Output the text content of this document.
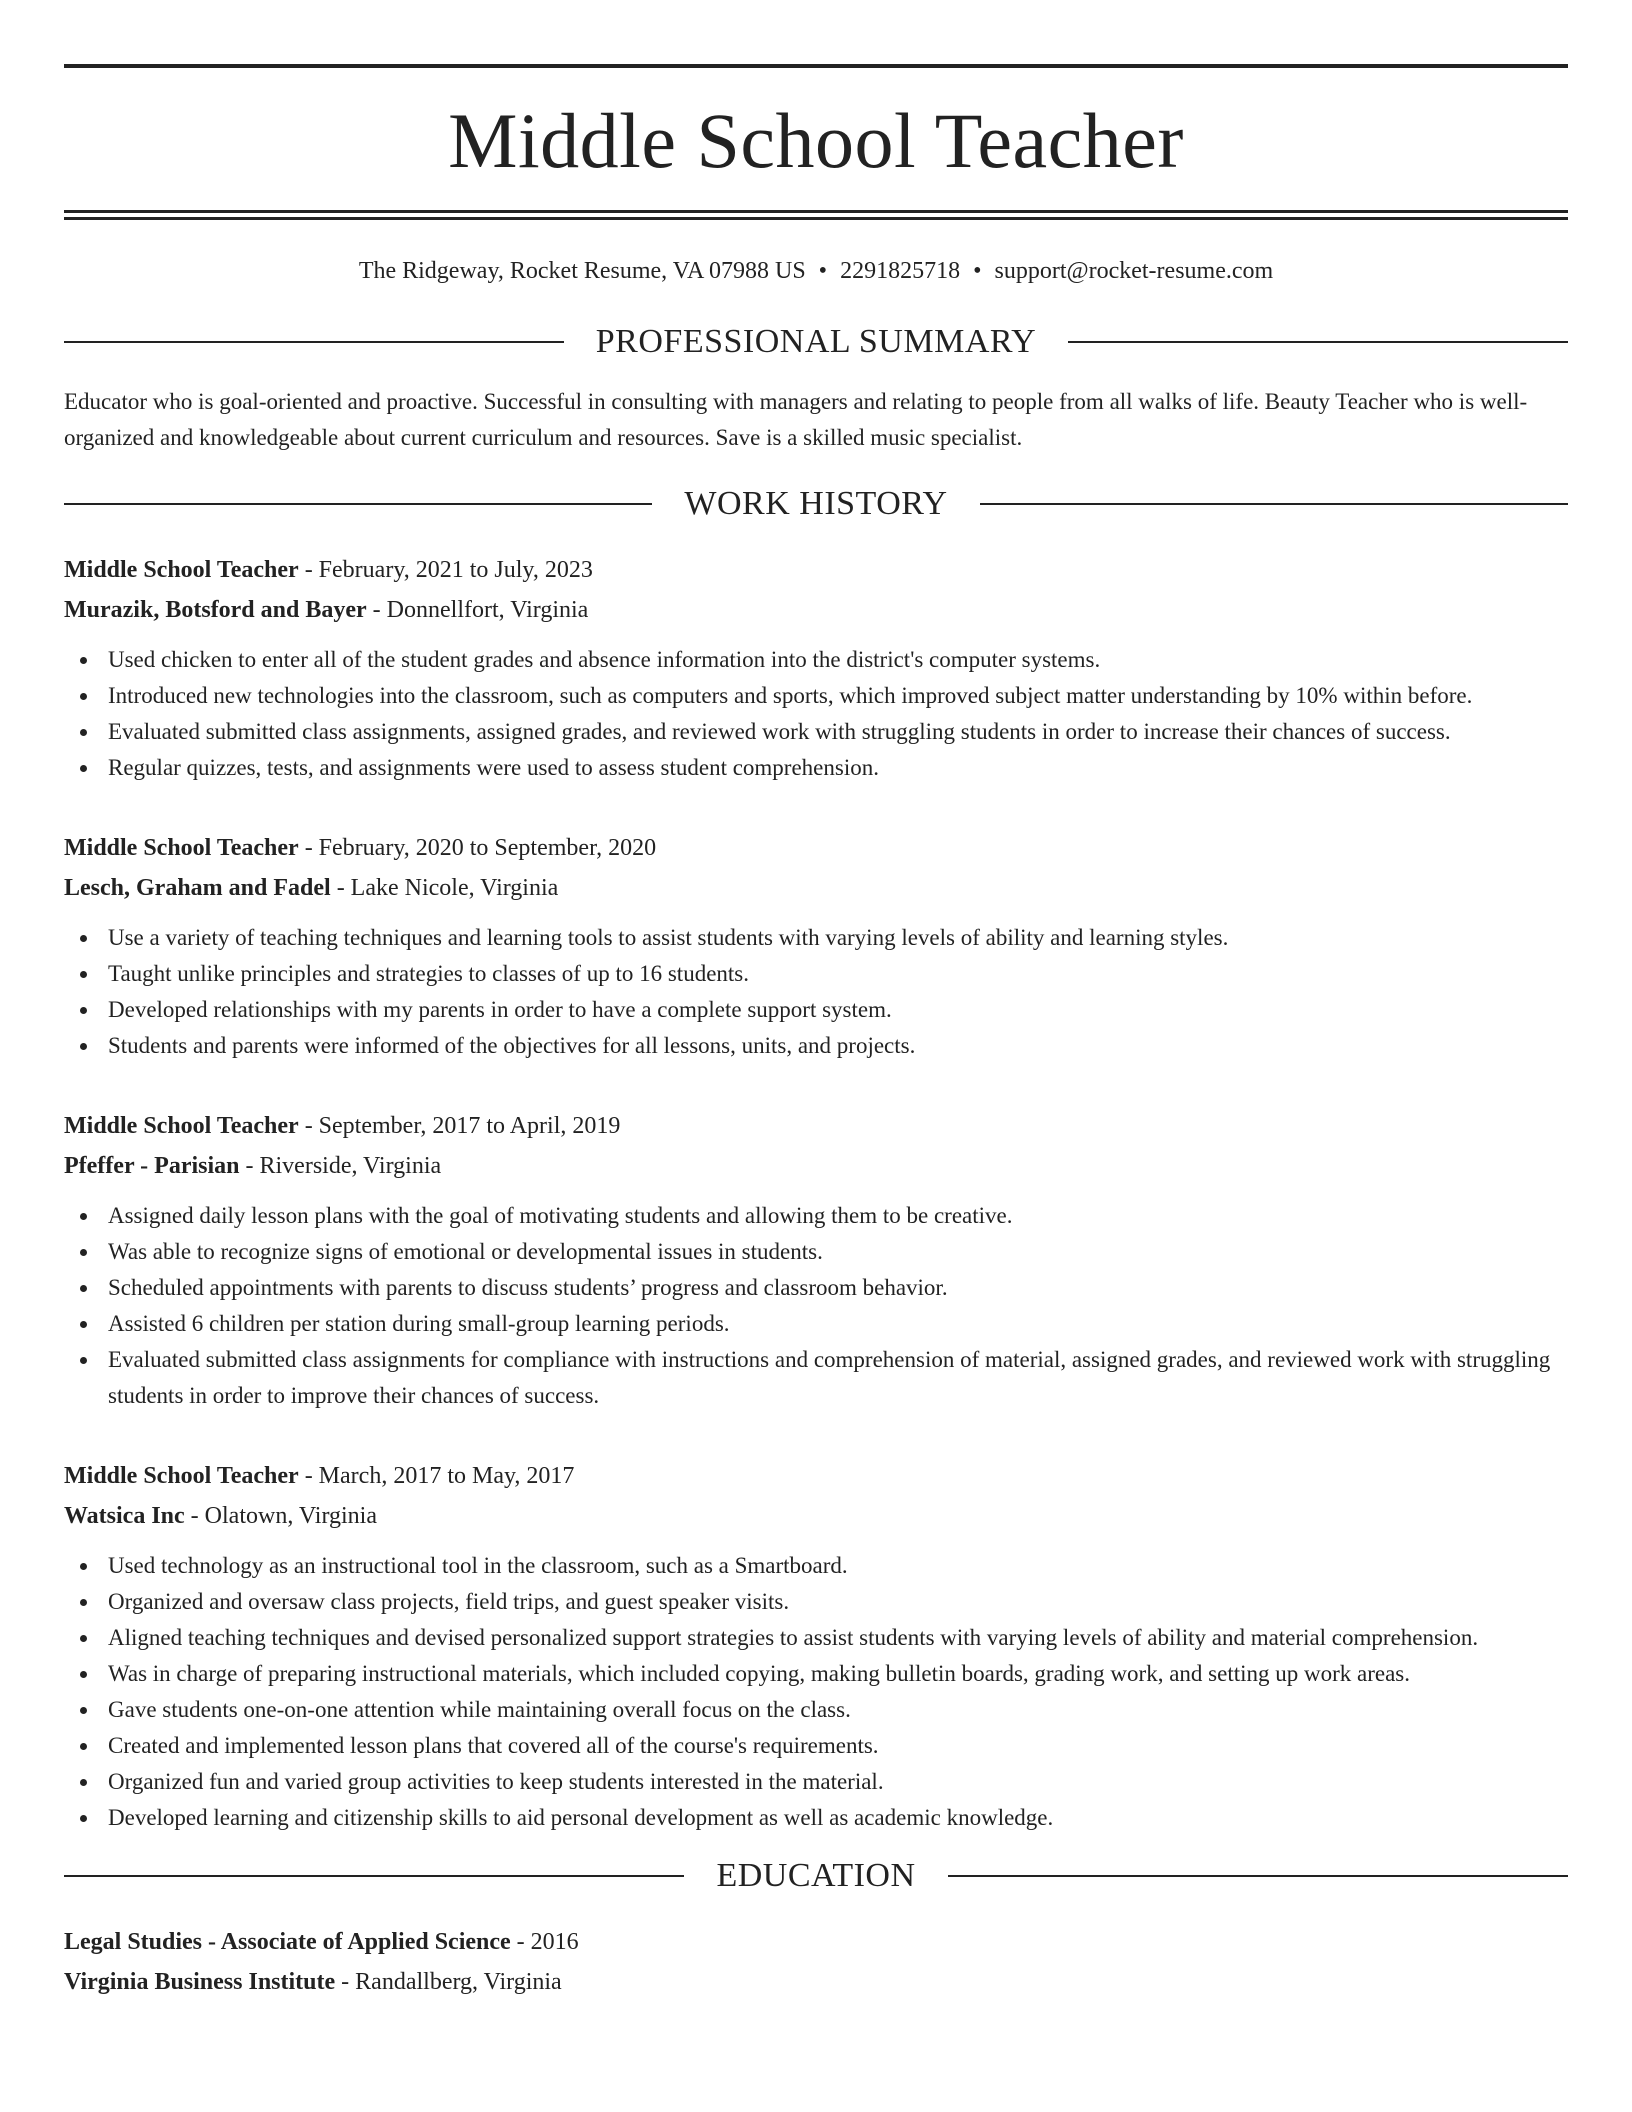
Middle School Teacher
The Ridgeway, Rocket Resume, VA 07988 US • 2291825718 • support@rocket-resume.com
PROFESSIONAL SUMMARY

Educator who is goal-oriented and proactive. Successful in consulting with managers and relating to people from all walks of life. Beauty Teacher who is well-organized and knowledgeable about current curriculum and resources. Save is a skilled music specialist.

WORK HISTORY
Middle School Teacher - February, 2021 to July, 2023
Murazik, Botsford and Bayer - Donnellfort, Virginia
Used chicken to enter all of the student grades and absence information into the district's computer systems.
Introduced new technologies into the classroom, such as computers and sports, which improved subject matter understanding by 10% within before.
Evaluated submitted class assignments, assigned grades, and reviewed work with struggling students in order to increase their chances of success.
Regular quizzes, tests, and assignments were used to assess student comprehension.
Middle School Teacher - February, 2020 to September, 2020
Lesch, Graham and Fadel - Lake Nicole, Virginia
Use a variety of teaching techniques and learning tools to assist students with varying levels of ability and learning styles.
Taught unlike principles and strategies to classes of up to 16 students.
Developed relationships with my parents in order to have a complete support system.
Students and parents were informed of the objectives for all lessons, units, and projects.
Middle School Teacher - September, 2017 to April, 2019
Pfeffer - Parisian - Riverside, Virginia
Assigned daily lesson plans with the goal of motivating students and allowing them to be creative.
Was able to recognize signs of emotional or developmental issues in students.
Scheduled appointments with parents to discuss students’ progress and classroom behavior.
Assisted 6 children per station during small-group learning periods.
Evaluated submitted class assignments for compliance with instructions and comprehension of material, assigned grades, and reviewed work with struggling students in order to improve their chances of success.
Middle School Teacher - March, 2017 to May, 2017
Watsica Inc - Olatown, Virginia
Used technology as an instructional tool in the classroom, such as a Smartboard.
Organized and oversaw class projects, field trips, and guest speaker visits.
Aligned teaching techniques and devised personalized support strategies to assist students with varying levels of ability and material comprehension.
Was in charge of preparing instructional materials, which included copying, making bulletin boards, grading work, and setting up work areas.
Gave students one-on-one attention while maintaining overall focus on the class.
Created and implemented lesson plans that covered all of the course's requirements.
Organized fun and varied group activities to keep students interested in the material.
Developed learning and citizenship skills to aid personal development as well as academic knowledge.
EDUCATION
Legal Studies - Associate of Applied Science - 2016
Virginia Business Institute - Randallberg, Virginia
